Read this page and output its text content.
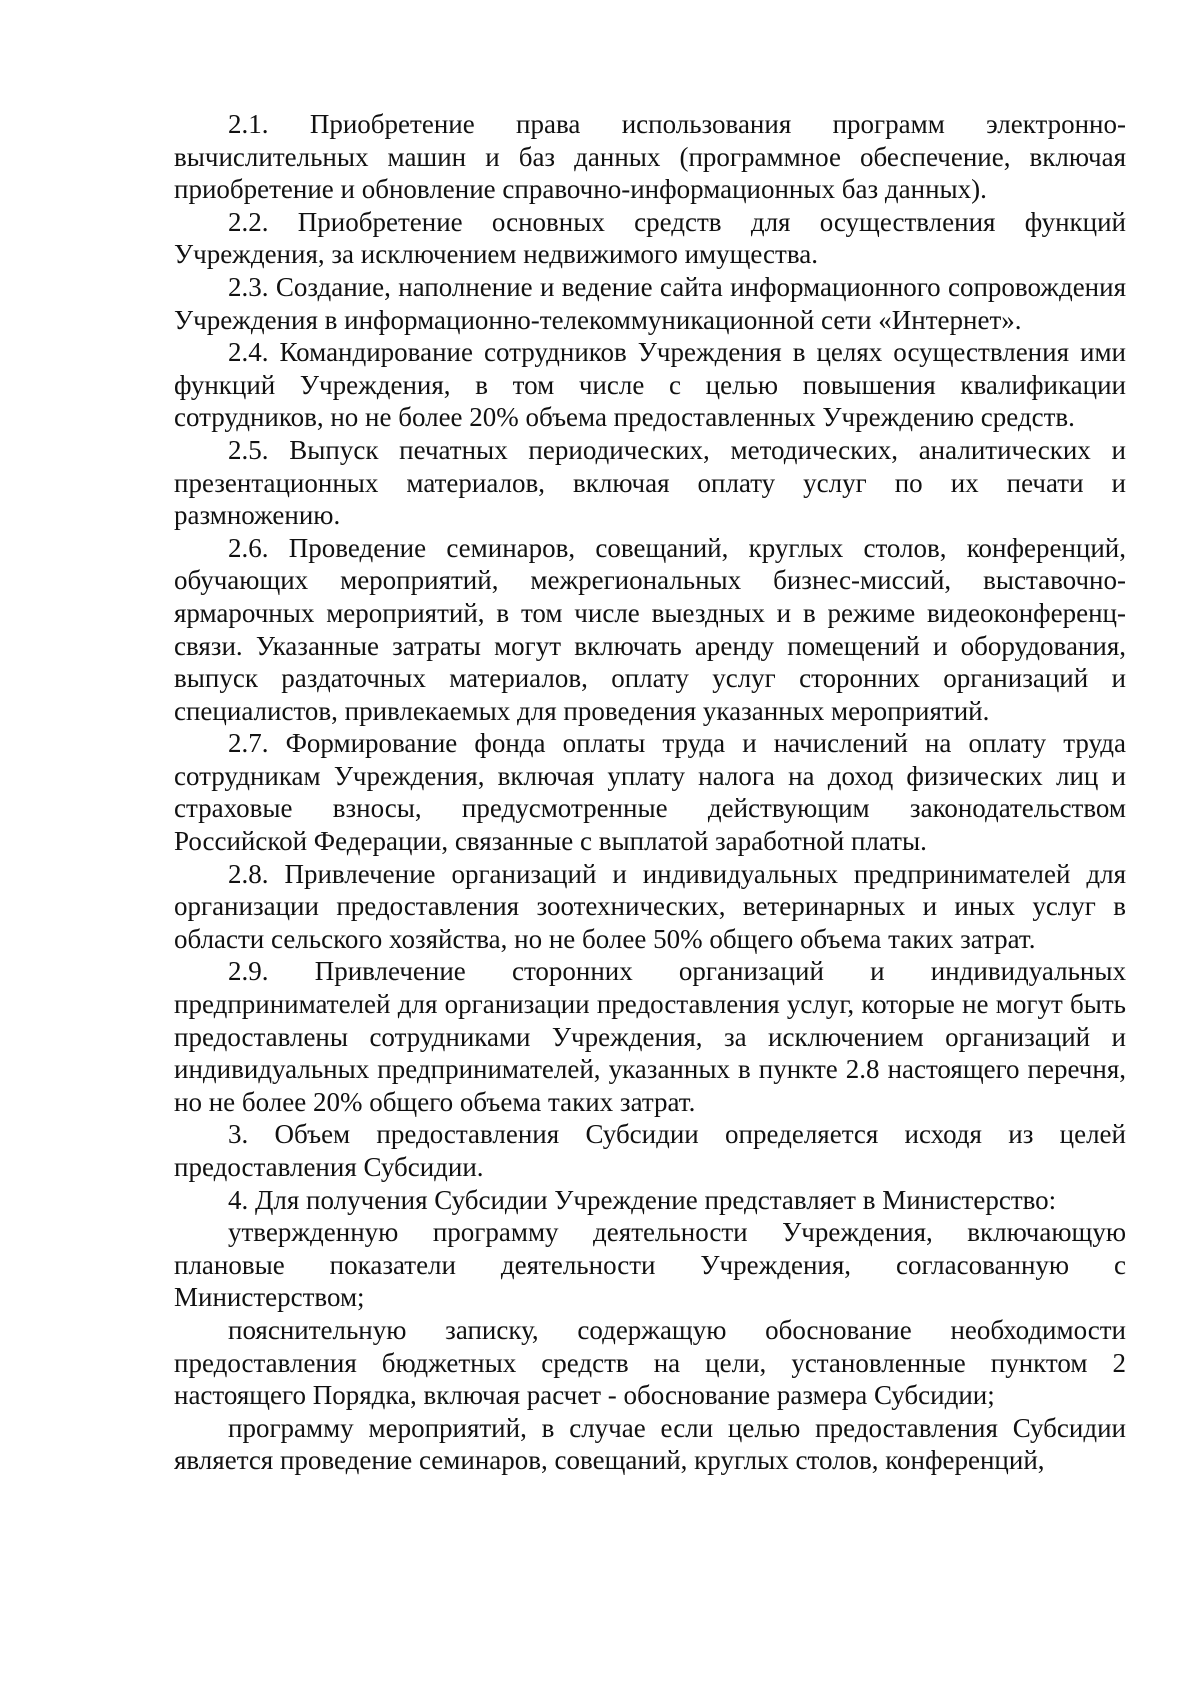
2.1. Приобретение права использования программ электронно-вычислительных машин и баз данных (программное обеспечение, включая приобретение и обновление справочно-информационных баз данных).

2.2. Приобретение основных средств для осуществления функций Учреждения, за исключением недвижимого имущества.

2.3. Создание, наполнение и ведение сайта информационного сопровождения Учреждения в информационно-телекоммуникационной сети «Интернет».

2.4. Командирование сотрудников Учреждения в целях осуществления ими функций Учреждения, в том числе с целью повышения квалификации сотрудников, но не более 20% объема предоставленных Учреждению средств.

2.5. Выпуск печатных периодических, методических, аналитических и презентационных материалов, включая оплату услуг по их печати и размножению.

2.6. Проведение семинаров, совещаний, круглых столов, конференций, обучающих мероприятий, межрегиональных бизнес-миссий, выставочно-ярмарочных мероприятий, в том числе выездных и в режиме видеоконференц-связи. Указанные затраты могут включать аренду помещений и оборудования, выпуск раздаточных материалов, оплату услуг сторонних организаций и специалистов, привлекаемых для проведения указанных мероприятий.

2.7. Формирование фонда оплаты труда и начислений на оплату труда сотрудникам Учреждения, включая уплату налога на доход физических лиц и страховые взносы, предусмотренные действующим законодательством Российской Федерации, связанные с выплатой заработной платы.

2.8. Привлечение организаций и индивидуальных предпринимателей для организации предоставления зоотехнических, ветеринарных и иных услуг в области сельского хозяйства, но не более 50% общего объема таких затрат.

2.9. Привлечение сторонних организаций и индивидуальных предпринимателей для организации предоставления услуг, которые не могут быть предоставлены сотрудниками Учреждения, за исключением организаций и индивидуальных предпринимателей, указанных в пункте 2.8 настоящего перечня, но не более 20% общего объема таких затрат.

3. Объем предоставления Субсидии определяется исходя из целей предоставления Субсидии.

4. Для получения Субсидии Учреждение представляет в Министерство:

утвержденную программу деятельности Учреждения, включающую плановые показатели деятельности Учреждения, согласованную с Министерством;

пояснительную записку, содержащую обоснование необходимости предоставления бюджетных средств на цели, установленные пунктом 2 настоящего Порядка, включая расчет - обоснование размера Субсидии;

программу мероприятий, в случае если целью предоставления Субсидии является проведение семинаров, совещаний, круглых столов, конференций,
